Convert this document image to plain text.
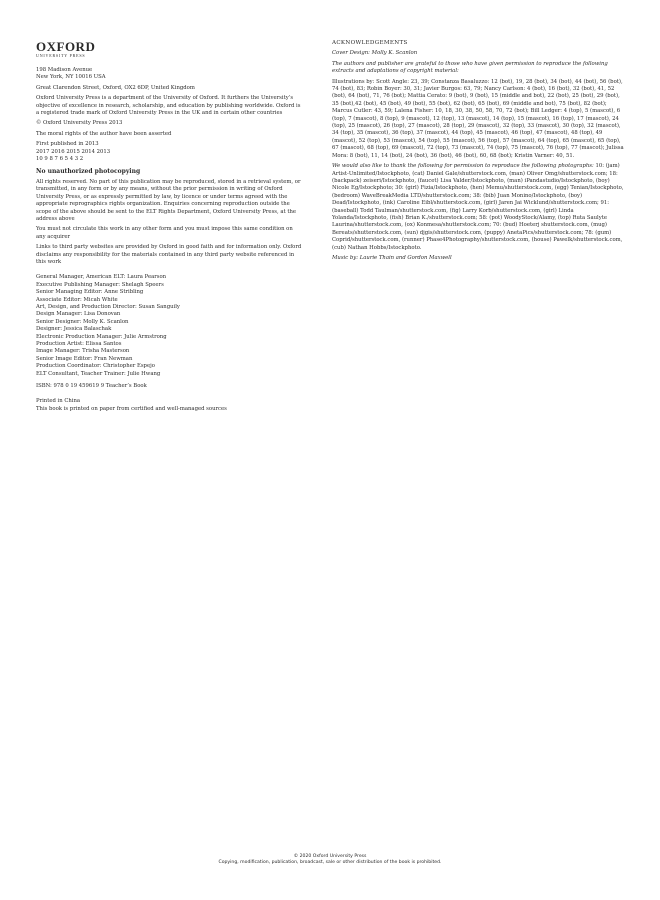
OXFORD
UNIVERSITY PRESS

198 Madison Avenue

New York, NY 10016 USA

Great Clarendon Street, Oxford, OX2 6DP, United Kingdom

Oxford University Press is a department of the University of Oxford. It furthers the University’s objective of excellence in research, scholarship, and education by publishing worldwide. Oxford is a registered trade mark of Oxford University Press in the UK and in certain other countries

© Oxford University Press 2013

The moral rights of the author have been asserted

First published in 2013

2017 2016 2015 2014 2013

10 9 8 7 6 5 4 3 2

No unauthorized photocopying

All rights reserved. No part of this publication may be reproduced, stored in a retrieval system, or transmitted, in any form or by any means, without the prior permission in writing of Oxford University Press, or as expressly permitted by law, by licence or under terms agreed with the appropriate reprographics rights organization. Enquiries concerning reproduction outside the scope of the above should be sent to the ELT Rights Department, Oxford University Press, at the address above

You must not circulate this work in any other form and you must impose this same condition on any acquirer

Links to third party websites are provided by Oxford in good faith and for information only. Oxford disclaims any responsibility for the materials contained in any third party website referenced in this work

General Manager, American ELT: Laura Pearson

Executive Publishing Manager: Shelagh Speers

Senior Managing Editor: Anne Stribling

Associate Editor: Micah White

Art, Design, and Production Director: Susan Sanguily

Design Manager: Lisa Donovan

Senior Designer: Molly K. Scanlon

Designer: Jessica Balaschak

Electronic Production Manager: Julie Armstrong

Production Artist: Elissa Santos

Image Manager: Trisha Masterson

Senior Image Editor: Fran Newman

Production Coordinator: Christopher Espejo

ELT Consultant, Teacher Trainer: Julie Hwang

ISBN: 978 0 19 459619 9 Teacher’s Book

Printed in China

This book is printed on paper from certified and well-managed sources

ACKNOWLEDGEMENTS

Cover Design: Molly K. Scanlon

The authors and publisher are grateful to those who have given permission to reproduce the following extracts and adaptations of copyright material:

Illustrations by: Scott Angle: 23, 39; Constanza Basaluzzo: 12 (bot), 19, 28 (bot), 34 (bot), 44 (bot), 56 (bot), 74 (bot), 83; Robin Boyer: 30, 31; Javier Burgos: 63, 79; Nancy Carlson: 4 (bot), 16 (bot), 32 (bot), 41, 52 (bot), 64 (bot), 71, 76 (bot); Mattia Cerato: 9 (bot), 9 (bot), 15 (middle and bot), 22 (bot), 25 (bot), 29 (bot), 35 (bot),42 (bot), 45 (bot), 49 (bot), 55 (bot), 62 (bot), 65 (bot), 69 (middle and bot), 75 (bot), 82 (bot); Marcus Cutler: 43, 59; Lalena Fisher: 10, 18, 30, 38, 50, 58, 70, 72 (bot); Bill Ledger: 4 (top), 5 (mascot), 6 (top), 7 (mascot), 8 (top), 9 (mascot), 12 (top), 13 (mascot), 14 (top), 15 (mascot), 16 (top), 17 (mascot), 24 (top), 25 (mascot), 26 (top), 27 (mascot), 28 (top), 29 (mascot), 32 (top), 33 (mascot), 30 (top), 32 (mascot), 34 (top), 35 (mascot), 36 (top), 37 (mascot), 44 (top), 45 (mascot), 46 (top), 47 (mascot), 48 (top), 49 (mascot), 52 (top), 53 (mascot), 54 (top), 55 (mascot), 56 (top), 57 (mascot), 64 (top), 65 (mascot), 65 (top), 67 (mascot), 68 (top), 69 (mascot), 72 (top), 73 (mascot), 74 (top), 75 (mascot), 76 (top), 77 (mascot); Julissa Mora: 8 (bot), 11, 14 (bot), 24 (bot), 36 (bot), 46 (bot), 60, 68 (bot); Kristin Varner: 40, 51.

We would also like to thank the following for permission to reproduce the following photographs: 10: (jam) Artist-Unlimited/Istockphoto, (cat) Daniel Gale/shutterstock.com, (man) Oliver Omg/shutterstock.com; 18: (backpack) zeiseri/Istockphoto, (faucet) Lisa Valder/Istockphoto, (man) iPandastudio/Istockphoto, (boy) Nicole Eg/Istockphoto; 30: (girl) Fizia/Istockphoto, (hen) Memu/shutterstock.com, (egg) Tenian/Istockphoto, (bedroom) WaveBreakMedia LTD/shutterstock.com; 38: (bib) Juan Monino/Istockphoto, (boy) Dead/Istockphoto, (ink) Caroline Eibl/shutterstock.com, (girl) Jaren Jai Wicklund/shutterstock.com; 91: (baseball) Todd Taulman/shutterstock.com, (fig) Larry Korb/shutterstock.com, (girl) Linda Yolanda/Istockphoto, (fish) Brian K./shutterstock.com; 58: (pot) WoodyStock/Alamy, (top) Ruta Saulyte Laurina/shutterstock.com, (ox) Konmesa/shutterstock.com; 70: (bud) Hoeterj shutterstock.com, (mug) Bereats/shutterstock.com, (sun) djgis/shutterstock.com, (puppy) AnetaPics/shutterstock.com; 78: (gum) Coprid/shutterstock.com, (runner) Phase4Photography/shutterstock.com, (house) Pawelk/shutterstock.com, (cub) Nathan Hobbs/Istockphoto.

Music by: Laurie Thain and Gordon Maxwell

© 2020 Oxford University Press
Copying, modification, publication, broadcast, sale or other distribution of the book is prohibited.
